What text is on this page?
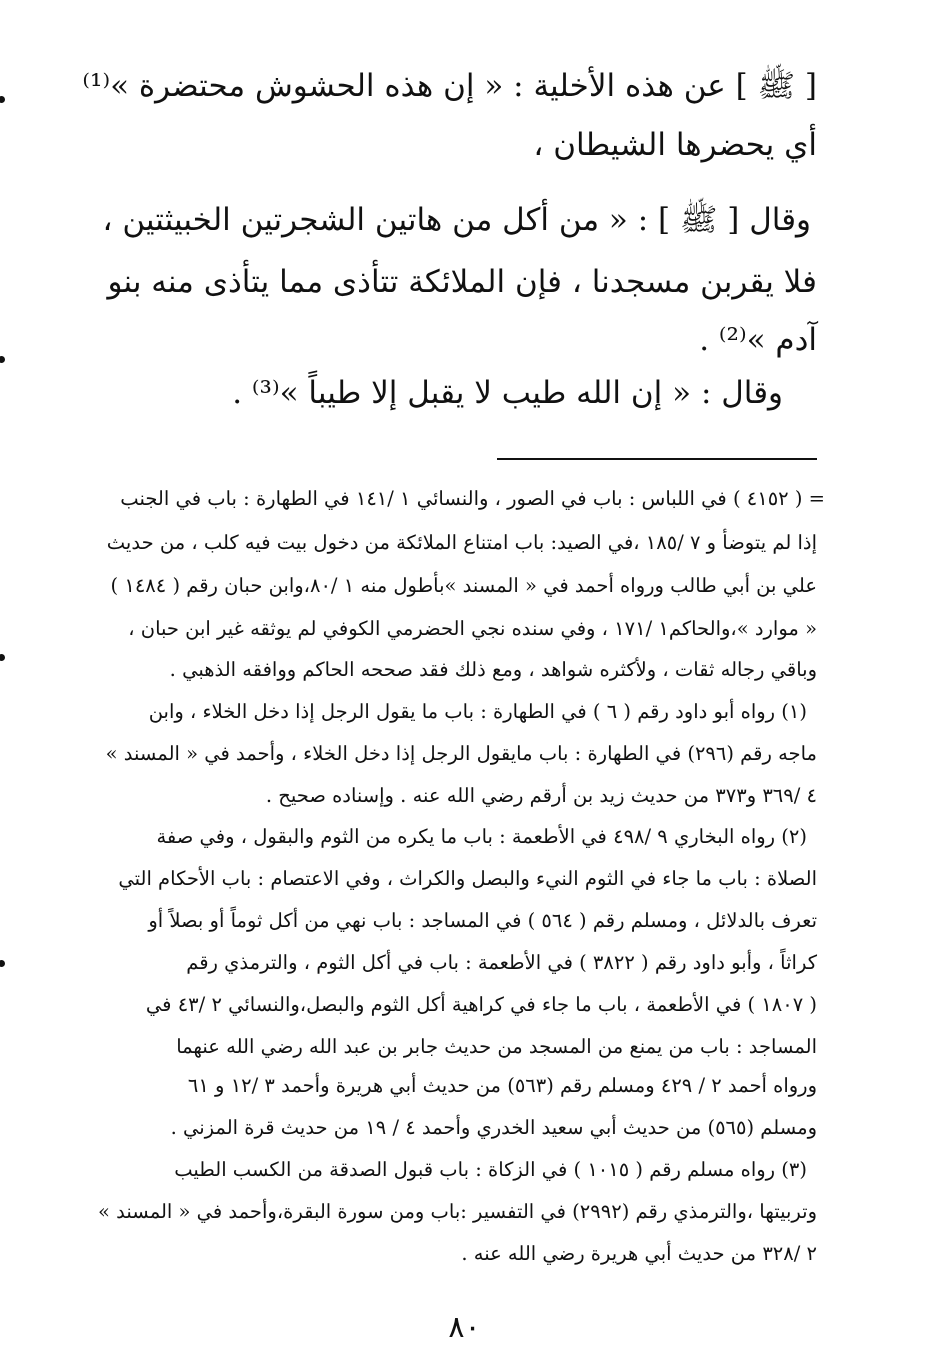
[ ﷺ ] عن هذه الأخلية : « إن هذه الحشوش محتضرة »⁽¹⁾
أي يحضرها الشيطان ،
وقال [ ﷺ ] : « من أكل من هاتين الشجرتين الخبيثتين ،
فلا يقربن مسجدنا ، فإن الملائكة تتأذى مما يتأذى منه بنو
آدم »⁽²⁾ .
وقال : « إن الله طيب لا يقبل إلا طيباً »⁽³⁾ .
= ( ٤١٥٢ ) في اللباس : باب في الصور ، والنسائي ١ /١٤١ في الطهارة : باب في الجنب
إذا لم يتوضأ و ٧ /١٨٥ ،في الصيد: باب امتناع الملائكة من دخول بيت فيه كلب ، من حديث
علي بن أبي طالب ورواه أحمد في « المسند »بأطول منه ١ /٨٠،وابن حبان رقم ( ١٤٨٤ )
« موارد »،والحاكم١ /١٧١ ، وفي سنده نجي الحضرمي الكوفي لم يوثقه غير ابن حبان ،
وباقي رجاله ثقات ، ولأكثره شواهد ، ومع ذلك فقد صححه الحاكم ووافقه الذهبي .
(١) رواه أبو داود رقم ( ٦ ) في الطهارة : باب ما يقول الرجل إذا دخل الخلاء ، وابن
ماجه رقم (٢٩٦) في الطهارة : باب مايقول الرجل إذا دخل الخلاء ، وأحمد في « المسند »
٤ /٣٦٩ و٣٧٣ من حديث زيد بن أرقم رضي الله عنه . وإسناده صحيح .
(٢) رواه البخاري ٩ /٤٩٨ في الأطعمة : باب ما يكره من الثوم والبقول ، وفي صفة
الصلاة : باب ما جاء في الثوم النيء والبصل والكراث ، وفي الاعتصام : باب الأحكام التي
تعرف بالدلائل ، ومسلم رقم ( ٥٦٤ ) في المساجد : باب نهي من أكل ثوماً أو بصلاً أو
كراثاً ، وأبو داود رقم ( ٣٨٢٢ ) في الأطعمة : باب في أكل الثوم ، والترمذي رقم
( ١٨٠٧ ) في الأطعمة ، باب ما جاء في كراهية أكل الثوم والبصل،والنسائي ٢ /٤٣ في
المساجد : باب من يمنع من المسجد من حديث جابر بن عبد الله رضي الله عنهما
ورواه أحمد ٢ / ٤٢٩ ومسلم رقم (٥٦٣) من حديث أبي هريرة وأحمد ٣ /١٢ و ٦١
ومسلم (٥٦٥) من حديث أبي سعيد الخدري وأحمد ٤ / ١٩ من حديث قرة المزني .
(٣) رواه مسلم رقم ( ١٠١٥ ) في الزكاة : باب قبول الصدقة من الكسب الطيب
وتربيتها ،والترمذي رقم (٢٩٩٢) في التفسير :باب ومن سورة البقرة،وأحمد في « المسند »
٢ /٣٢٨ من حديث أبي هريرة رضي الله عنه .
٨٠
